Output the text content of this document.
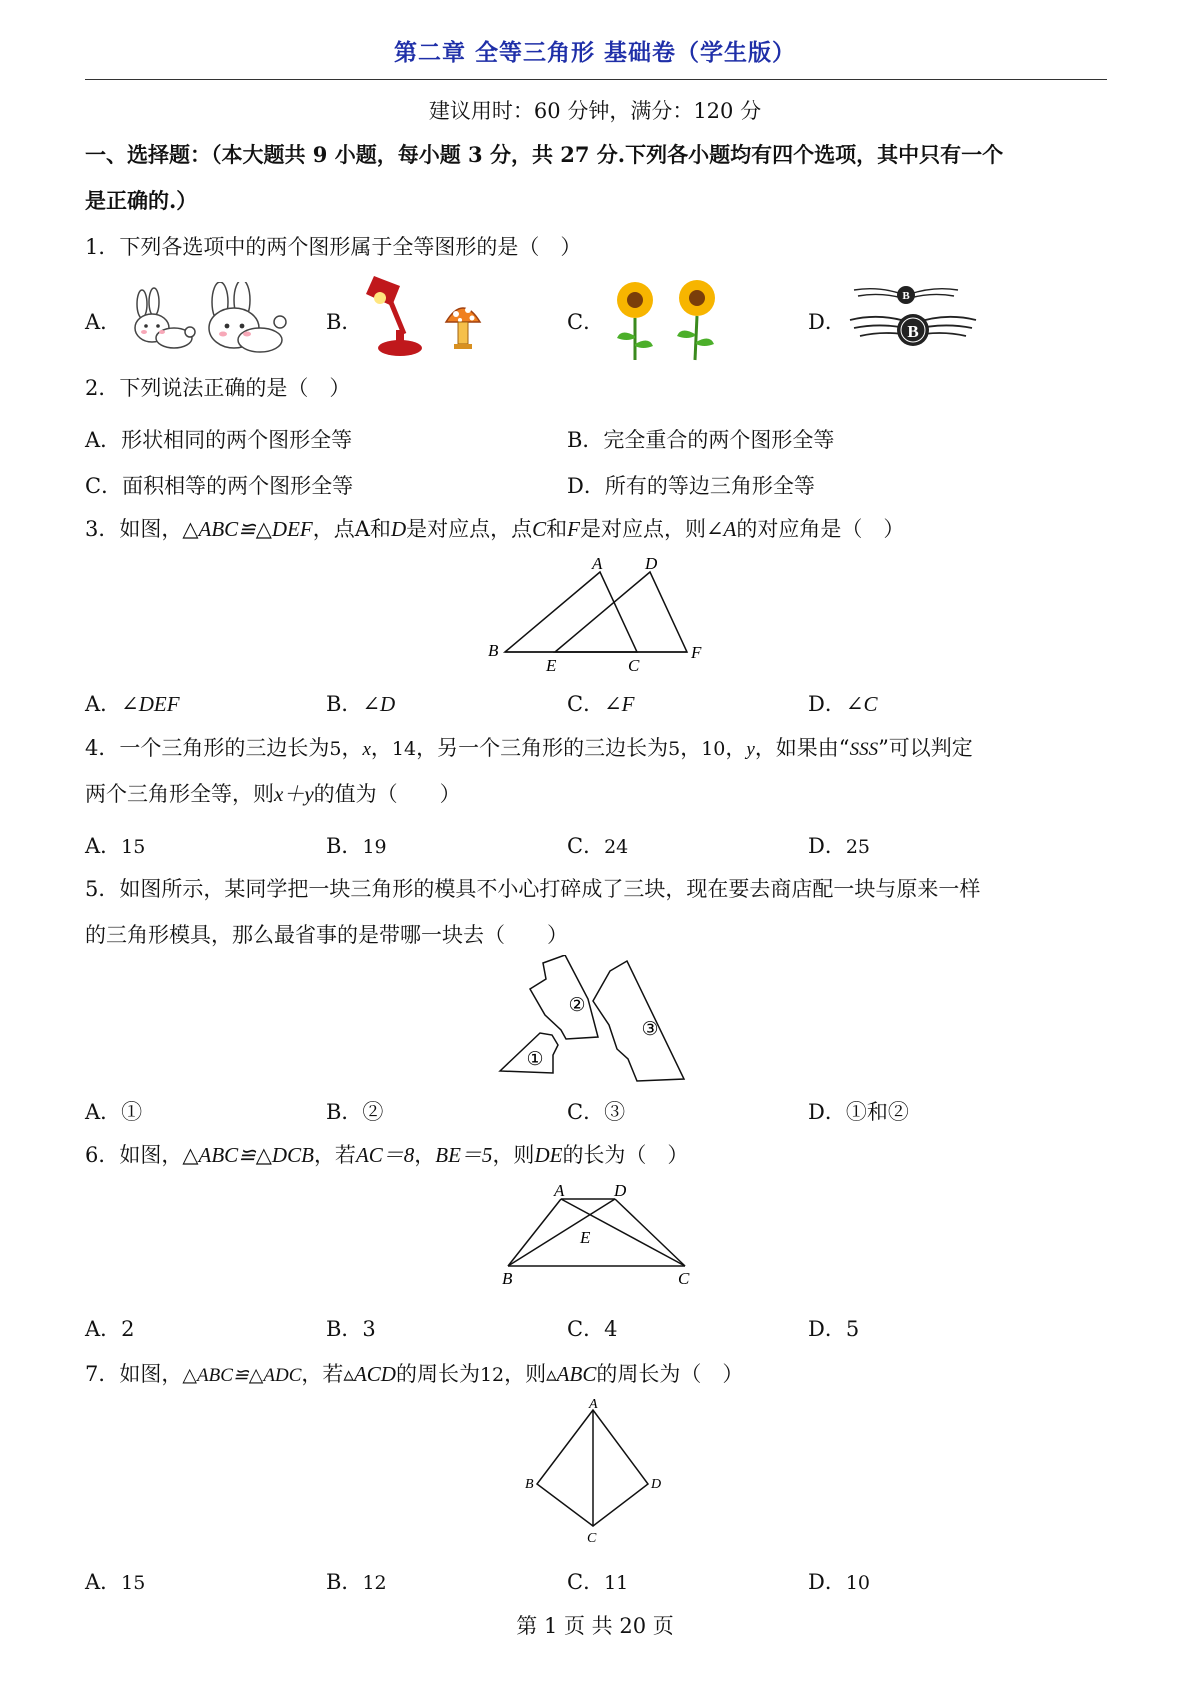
第二章 全等三角形 基础卷（学生版）
建议用时：60 分钟，满分：120 分
一、选择题：（本大题共 9 小题，每小题 3 分，共 27 分.下列各小题均有四个选项，其中只有一个
是正确的.）
1．下列各选项中的两个图形属于全等图形的是（　）
A．	B．	C．	D．
B
B
2．下列说法正确的是（　）
A．形状相同的两个图形全等	B．完全重合的两个图形全等
C．面积相等的两个图形全等	D．所有的等边三角形全等
3．如图，△ABC≌△DEF，点A和D是对应点，点C和F是对应点，则∠A的对应角是（　）
A	D
B
E	C
F
A．∠DEF	B．∠D	C．∠F	D．∠C
4．一个三角形的三边长为5，x，14，另一个三角形的三边长为5，10，y，如果由“SSS”可以判定
两个三角形全等，则x＋y的值为（　　）
A．15	B．19	C．24	D．25
5．如图所示，某同学把一块三角形的模具不小心打碎成了三块，现在要去商店配一块与原来一样
的三角形模具，那么最省事的是带哪一块去（　　）
②
③
①
A．①	B．②	C．③	D．①和②
6．如图，△ABC≌△DCB，若AC＝8，BE＝5，则DE的长为（　）
A	D
E
B	C
A．2	B．3	C．4	D．5
7．如图，△ABC≌△ADC，若▵ACD的周长为12，则▵ABC的周长为（　）
A
B	D
C
A．15	B．12	C．11	D．10
第 1 页 共 20 页
